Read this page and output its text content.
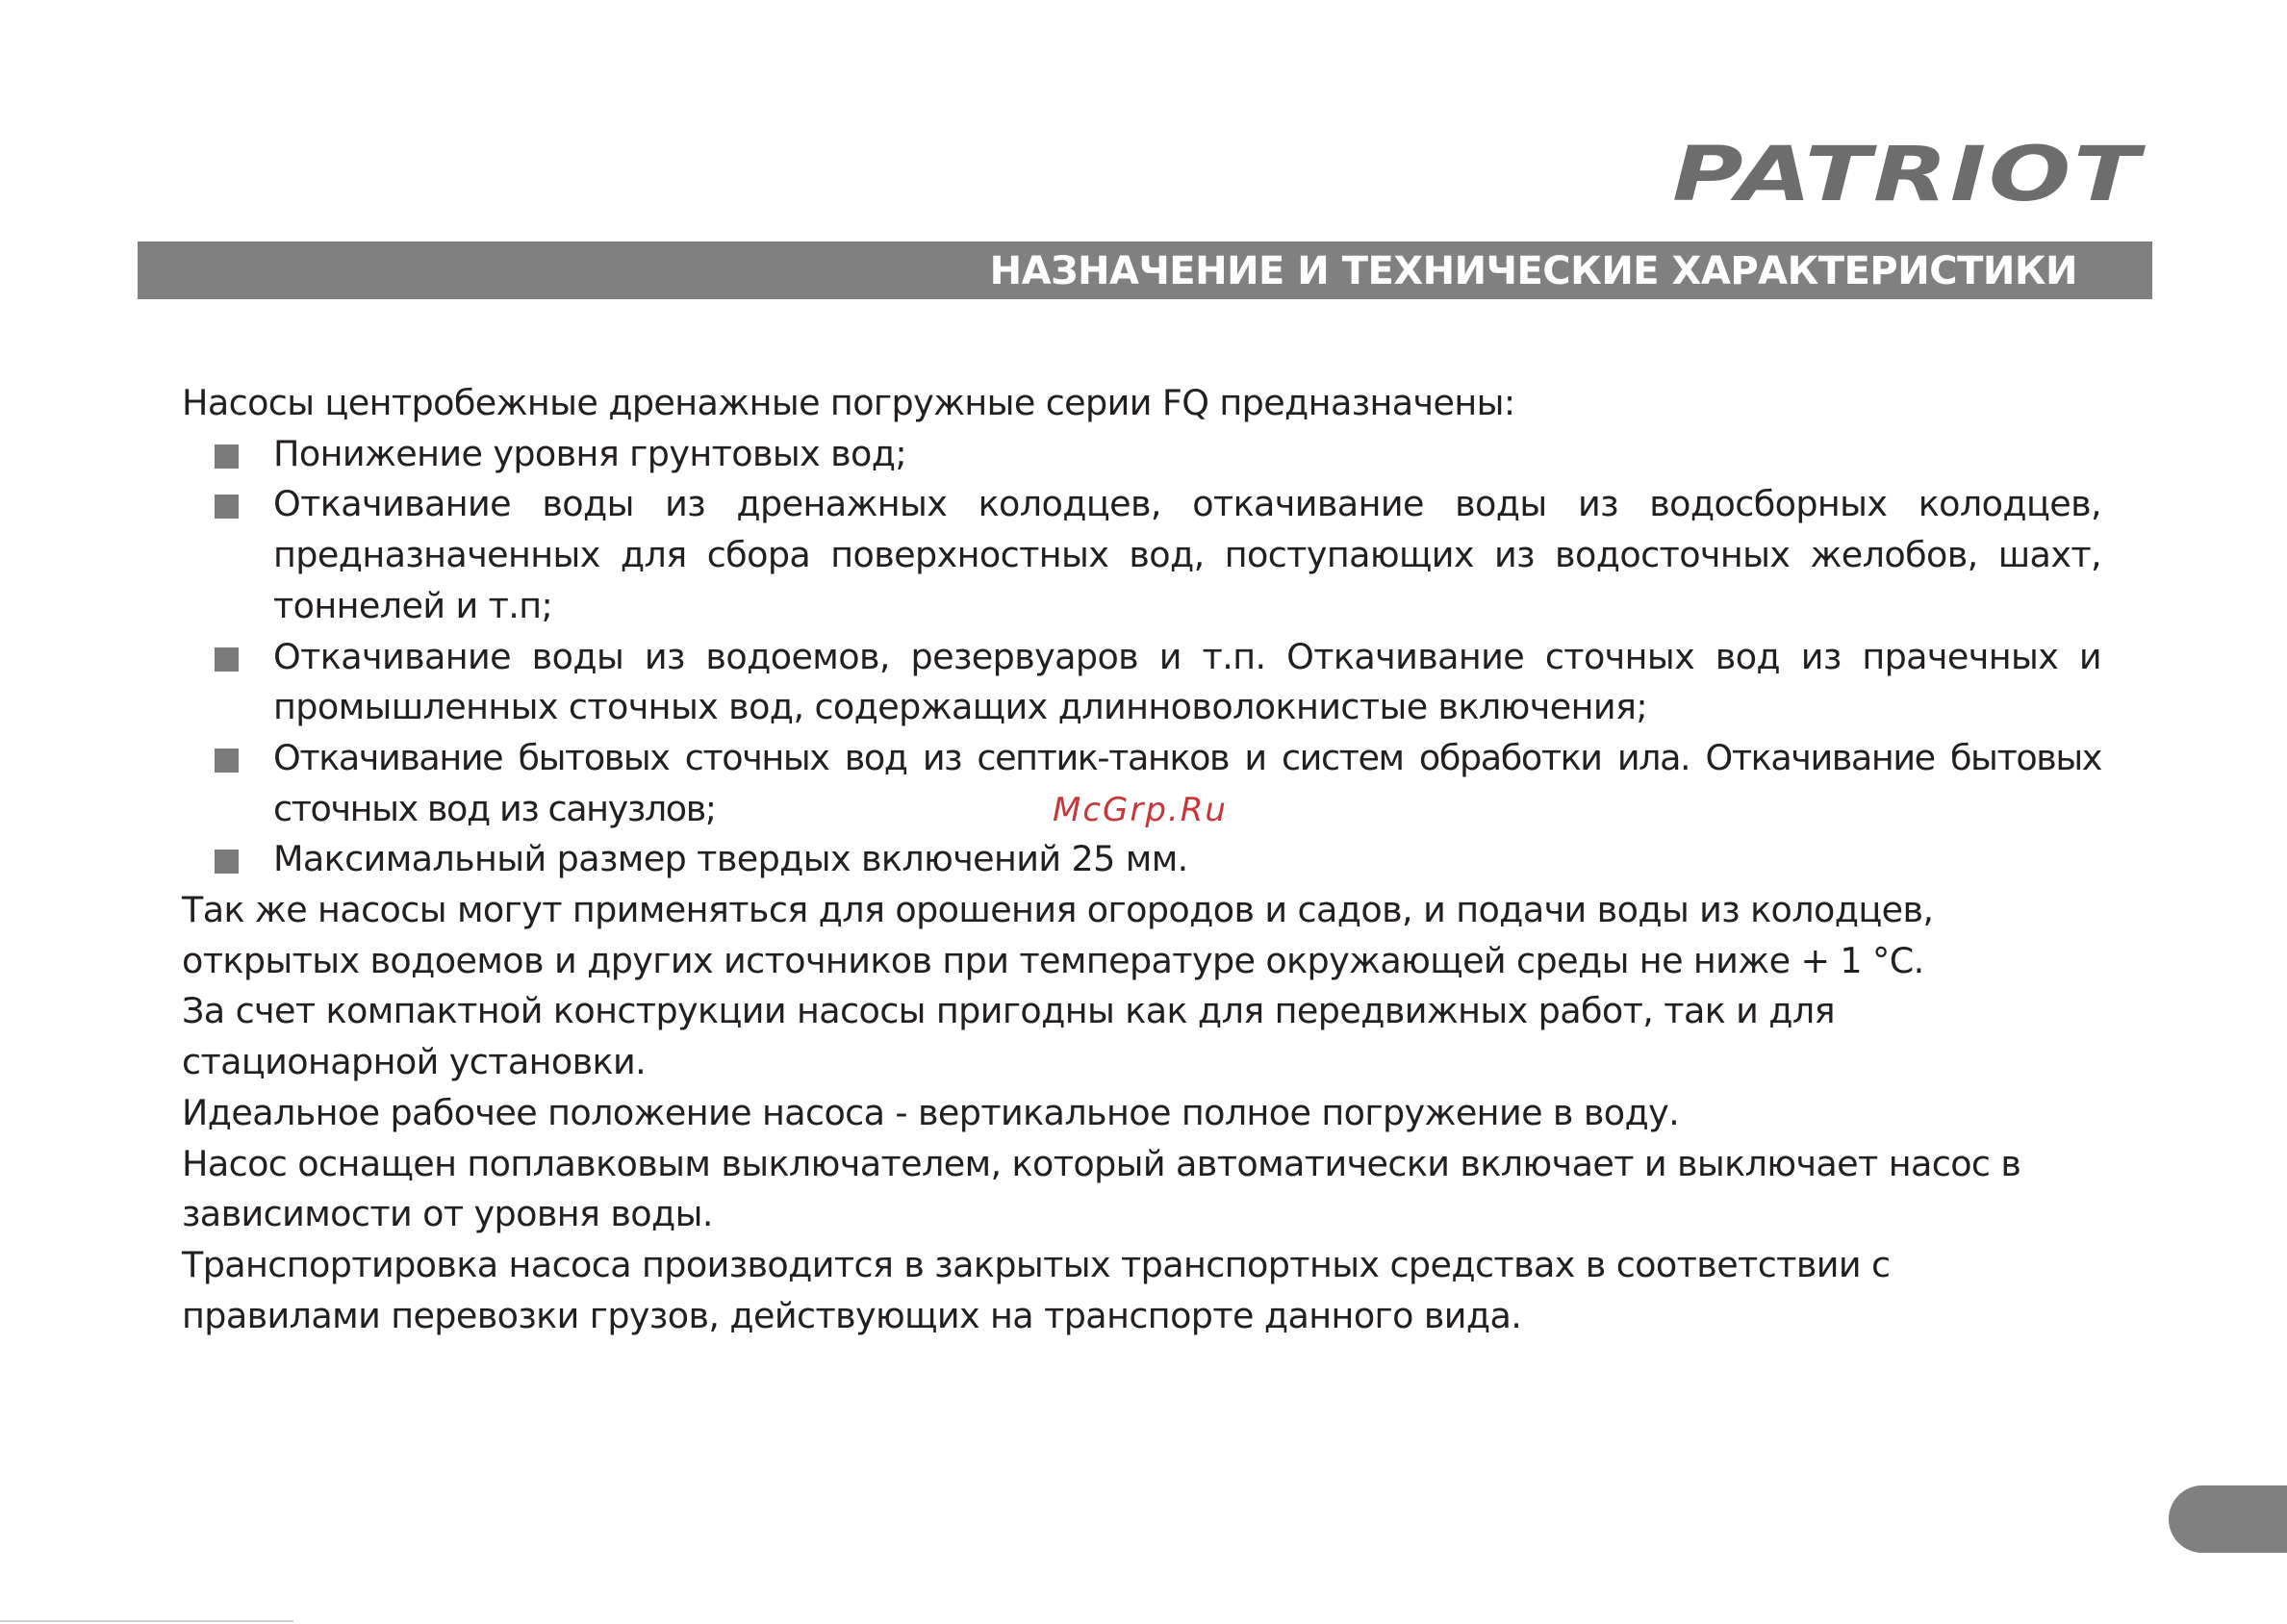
PATRIOT
НАЗНАЧЕНИЕ И ТЕХНИЧЕСКИЕ ХАРАКТЕРИСТИКИ

Насосы центробежные дренажные погружные серии FQ предназначены:

Понижение уровня грунтовых вод;
Откачивание воды из дренажных колодцев, откачивание воды из водосборных колодцев, предназначенных для сбора поверхностных вод, поступающих из водосточных желобов, шахт, тоннелей и т.п;
Откачивание воды из водоемов, резервуаров и т.п. Откачивание сточных вод из прачечных и промышленных сточных вод, содержащих длинноволокнистые включения;
Откачивание бытовых сточных вод из септик-танков и систем обработки ила. Откачивание бытовых сточных вод из санузлов;
Максимальный размер твердых включений 25 мм.

Так же насосы могут применяться для орошения огородов и садов, и подачи воды из колодцев,

открытых водоемов и других источников при температуре окружающей среды не ниже + 1 °С.

За счет компактной конструкции насосы пригодны как для передвижных работ, так и для

стационарной установки.

Идеальное рабочее положение насоса - вертикальное полное погружение в воду.

Насос оснащен поплавковым выключателем, который автоматически включает и выключает насос в

зависимости от уровня воды.

Транспортировка насоса производится в закрытых транспортных средствах в соответствии с

правилами перевозки грузов, действующих на транспорте данного вида.

McGrp.Ru
